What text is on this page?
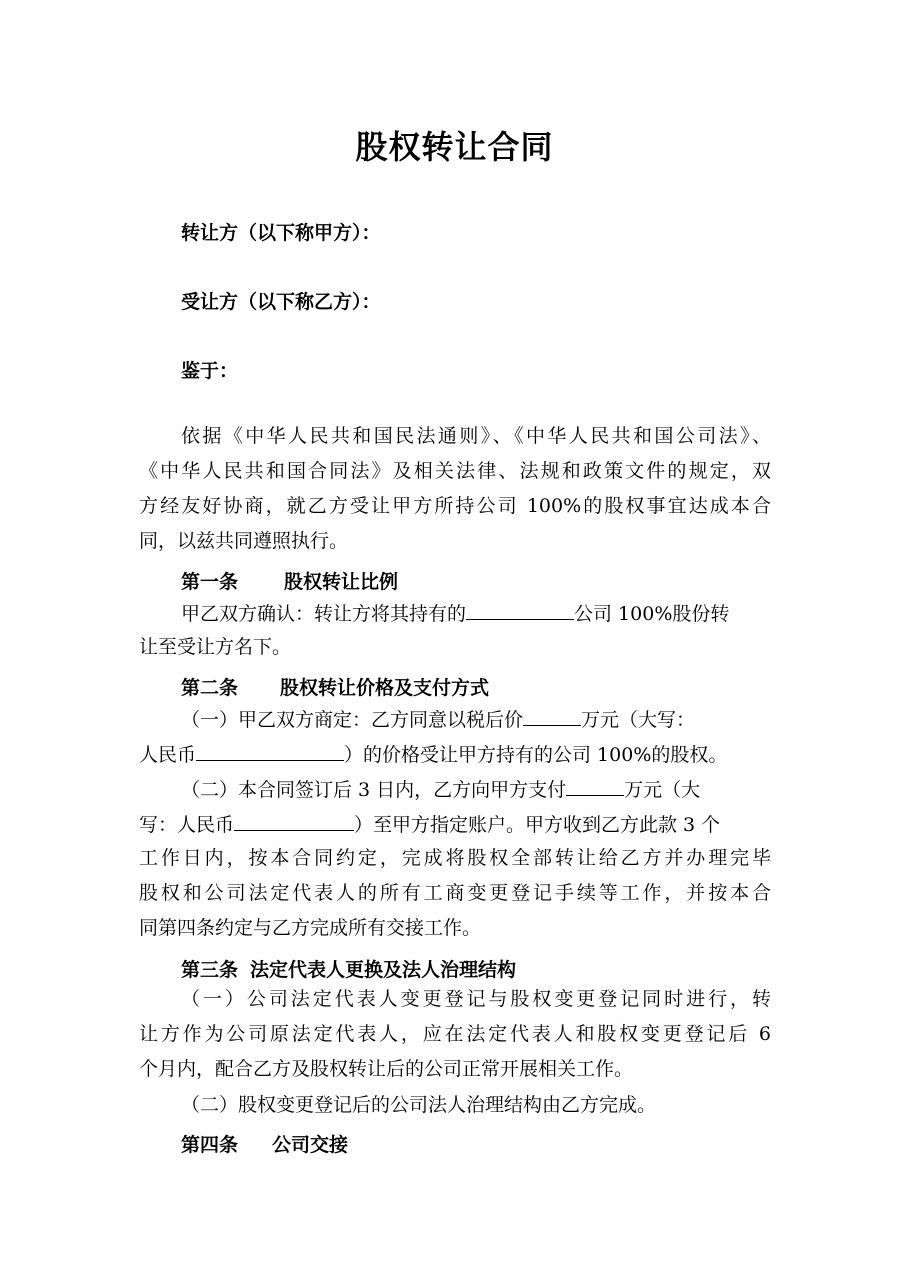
股权转让合同
转让方（以下称甲方）：
受让方（以下称乙方）：
鉴于：
依据《中华人民共和国民法通则》、《中华人民共和国公司法》、
《中华人民共和国合同法》及相关法律、法规和政策文件的规定，双
方经友好协商，就乙方受让甲方所持公司 100%的股权事宜达成本合
同，以兹共同遵照执行。
第一条 股权转让比例
甲乙双方确认：转让方将其持有的	公司 100%股份转
让至受让方名下。
第二条 股权转让价格及支付方式
（一）甲乙双方商定：乙方同意以税后价	万元（大写：
人民币	）的价格受让甲方持有的公司 100%的股权。
（二）本合同签订后 3 日内，乙方向甲方支付	万元（大
写：人民币	）至甲方指定账户。甲方收到乙方此款 3 个
工作日内，按本合同约定，完成将股权全部转让给乙方并办理完毕
股权和公司法定代表人的所有工商变更登记手续等工作，并按本合
同第四条约定与乙方完成所有交接工作。
第三条 法定代表人更换及法人治理结构
（一）公司法定代表人变更登记与股权变更登记同时进行，转
让方作为公司原法定代表人，应在法定代表人和股权变更登记后 6
个月内，配合乙方及股权转让后的公司正常开展相关工作。
（二）股权变更登记后的公司法人治理结构由乙方完成。
第四条 公司交接
